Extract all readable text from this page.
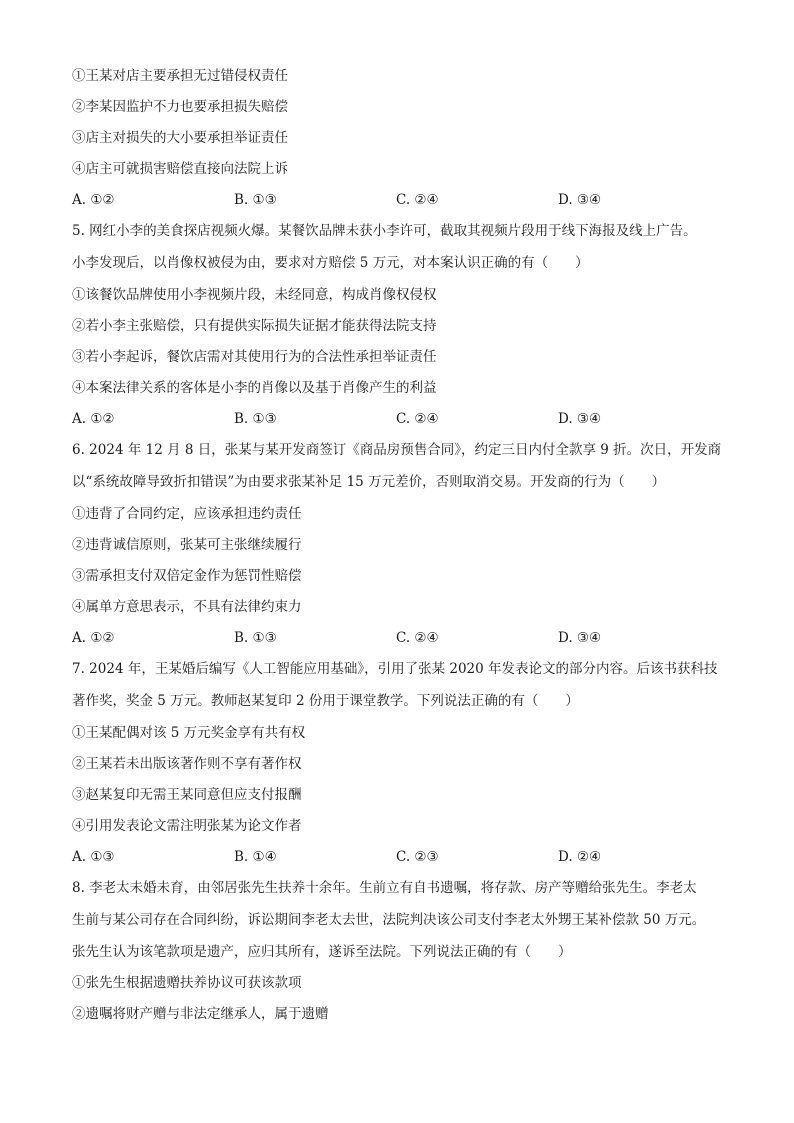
①王某对店主要承担无过错侵权责任
②李某因监护不力也要承担损失赔偿
③店主对损失的大小要承担举证责任
④店主可就损害赔偿直接向法院上诉
A. ①②	B. ①③	C. ②④	D. ③④
5. 网红小李的美食探店视频火爆。某餐饮品牌未获小李许可，截取其视频片段用于线下海报及线上广告。
小李发现后，以肖像权被侵为由，要求对方赔偿 5 万元，对本案认识正确的有（　　）
①该餐饮品牌使用小李视频片段，未经同意，构成肖像权侵权
②若小李主张赔偿，只有提供实际损失证据才能获得法院支持
③若小李起诉，餐饮店需对其使用行为的合法性承担举证责任
④本案法律关系的客体是小李的肖像以及基于肖像产生的利益
A. ①②	B. ①③	C. ②④	D. ③④
6. 2024 年 12 月 8 日，张某与某开发商签订《商品房预售合同》，约定三日内付全款享 9 折。次日，开发商
以“系统故障导致折扣错误”为由要求张某补足 15 万元差价，否则取消交易。开发商的行为（　　）
①违背了合同约定，应该承担违约责任
②违背诚信原则，张某可主张继续履行
③需承担支付双倍定金作为惩罚性赔偿
④属单方意思表示，不具有法律约束力
A. ①②	B. ①③	C. ②④	D. ③④
7. 2024 年，王某婚后编写《人工智能应用基础》，引用了张某 2020 年发表论文的部分内容。后该书获科技
著作奖，奖金 5 万元。教师赵某复印 2 份用于课堂教学。下列说法正确的有（　　）
①王某配偶对该 5 万元奖金享有共有权
②王某若未出版该著作则不享有著作权
③赵某复印无需王某同意但应支付报酬
④引用发表论文需注明张某为论文作者
A. ①③	B. ①④	C. ②③	D. ②④
8. 李老太未婚未育，由邻居张先生扶养十余年。生前立有自书遗嘱，将存款、房产等赠给张先生。李老太
生前与某公司存在合同纠纷，诉讼期间李老太去世，法院判决该公司支付李老太外甥王某补偿款 50 万元。
张先生认为该笔款项是遗产，应归其所有，遂诉至法院。下列说法正确的有（　　）
①张先生根据遗赠扶养协议可获该款项
②遗嘱将财产赠与非法定继承人，属于遗赠
